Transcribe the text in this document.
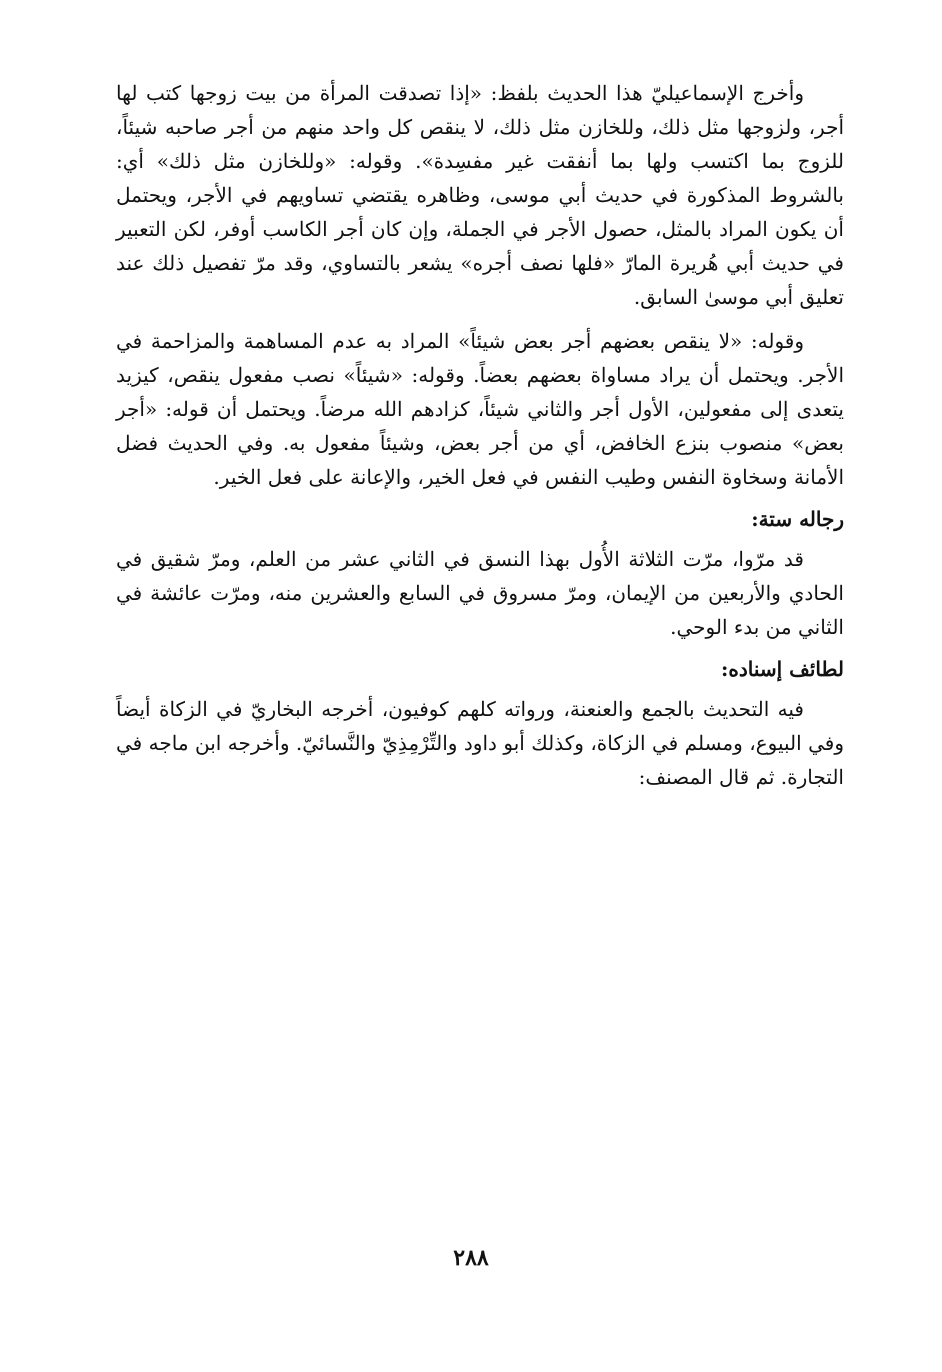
وأخرج الإسماعيليّ هذا الحديث بلفظ: «إذا تصدقت المرأة من بيت زوجها كتب لها أجر، ولزوجها مثل ذلك، وللخازن مثل ذلك، لا ينقص كل واحد منهم من أجر صاحبه شيئاً، للزوج بما اكتسب ولها بما أنفقت غير مفسِدة». وقوله: «وللخازن مثل ذلك» أي: بالشروط المذكورة في حديث أبي موسى، وظاهره يقتضي تساويهم في الأجر، ويحتمل أن يكون المراد بالمثل، حصول الأجر في الجملة، وإن كان أجر الكاسب أوفر، لكن التعبير في حديث أبي هُريرة المارّ «فلها نصف أجره» يشعر بالتساوي، وقد مرّ تفصيل ذلك عند تعليق أبي موسىٰ السابق.

وقوله: «لا ينقص بعضهم أجر بعض شيئاً» المراد به عدم المساهمة والمزاحمة في الأجر. ويحتمل أن يراد مساواة بعضهم بعضاً. وقوله: «شيئاً» نصب مفعول ينقص، كيزيد يتعدى إلى مفعولين، الأول أجر والثاني شيئاً، كزادهم الله مرضاً. ويحتمل أن قوله: «أجر بعض» منصوب بنزع الخافض، أي من أجر بعض، وشيئاً مفعول به. وفي الحديث فضل الأمانة وسخاوة النفس وطيب النفس في فعل الخير، والإعانة على فعل الخير.

رجاله ستة:

قد مرّوا، مرّت الثلاثة الأُول بهذا النسق في الثاني عشر من العلم، ومرّ شقيق في الحادي والأربعين من الإيمان، ومرّ مسروق في السابع والعشرين منه، ومرّت عائشة في الثاني من بدء الوحي.

لطائف إسناده:

فيه التحديث بالجمع والعنعنة، ورواته كلهم كوفيون، أخرجه البخاريّ في الزكاة أيضاً وفي البيوع، ومسلم في الزكاة، وكذلك أبو داود والتِّرْمِذِيّ والنَّسائيّ. وأخرجه ابن ماجه في التجارة. ثم قال المصنف:

٢٨٨
